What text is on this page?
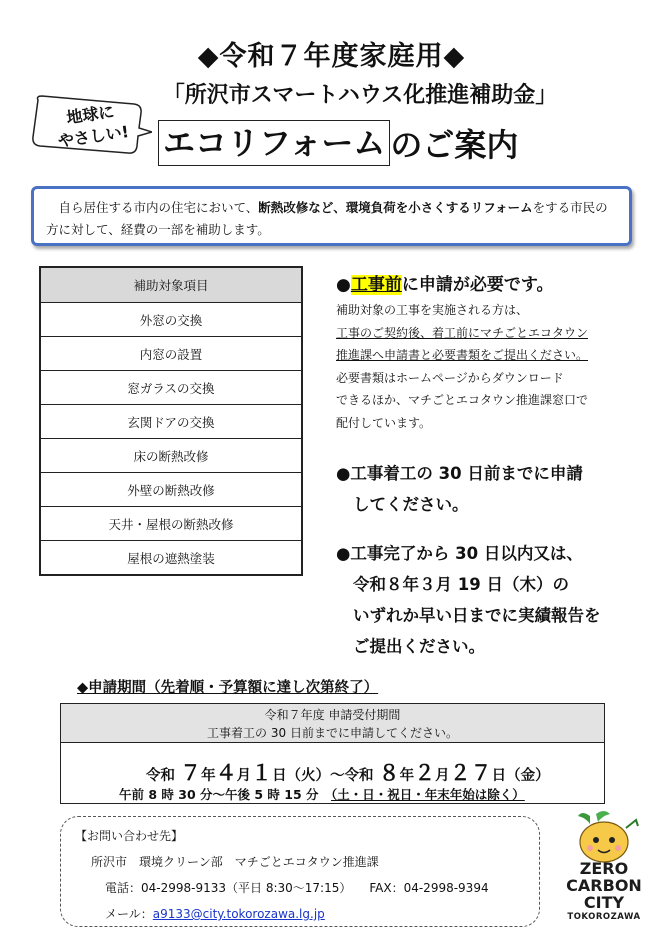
◆令和７年度家庭用◆
「所沢市スマートハウス化推進補助金」
地球に
やさしい!	エコリフォーム のご案内
自ら居住する市内の住宅において、断熱改修など、環境負荷を小さくするリフォームをする市民の方に対して、経費の一部を補助します。
補助対象項目
外窓の交換
内窓の設置
窓ガラスの交換
玄関ドアの交換
床の断熱改修
外壁の断熱改修
天井・屋根の断熱改修
屋根の遮熱塗装
●工事前に申請が必要です。
補助対象の工事を実施される方は、
工事のご契約後、着工前にマチごとエコタウン
推進課へ申請書と必要書類をご提出ください。
必要書類はホームページからダウンロード
できるほか、マチごとエコタウン推進課窓口で
配付しています。
●工事着工の 30 日前までに申請
してください。
●工事完了から 30 日以内又は、
令和８年３月 19 日（木）の
いずれか早い日までに実績報告を
ご提出ください。
◆申請期間（先着順・予算額に達し次第終了）
令和７年度 申請受付期間
工事着工の 30 日前までに申請してください。
令和 ７年４月１日（火）～令和 ８年２月２７日（金）
午前 8 時 30 分～午後 5 時 15 分　 （土・日・祝日・年末年始は除く）
【お問い合わせ先】
所沢市　環境クリーン部　マチごとエコタウン推進課
電話：04-2998-9133（平日 8:30～17:15）　　FAX：04-2998-9394
メール：a9133@city.tokorozawa.lg.jp
ZERO
CARBON
CITY
TOKOROZAWA
